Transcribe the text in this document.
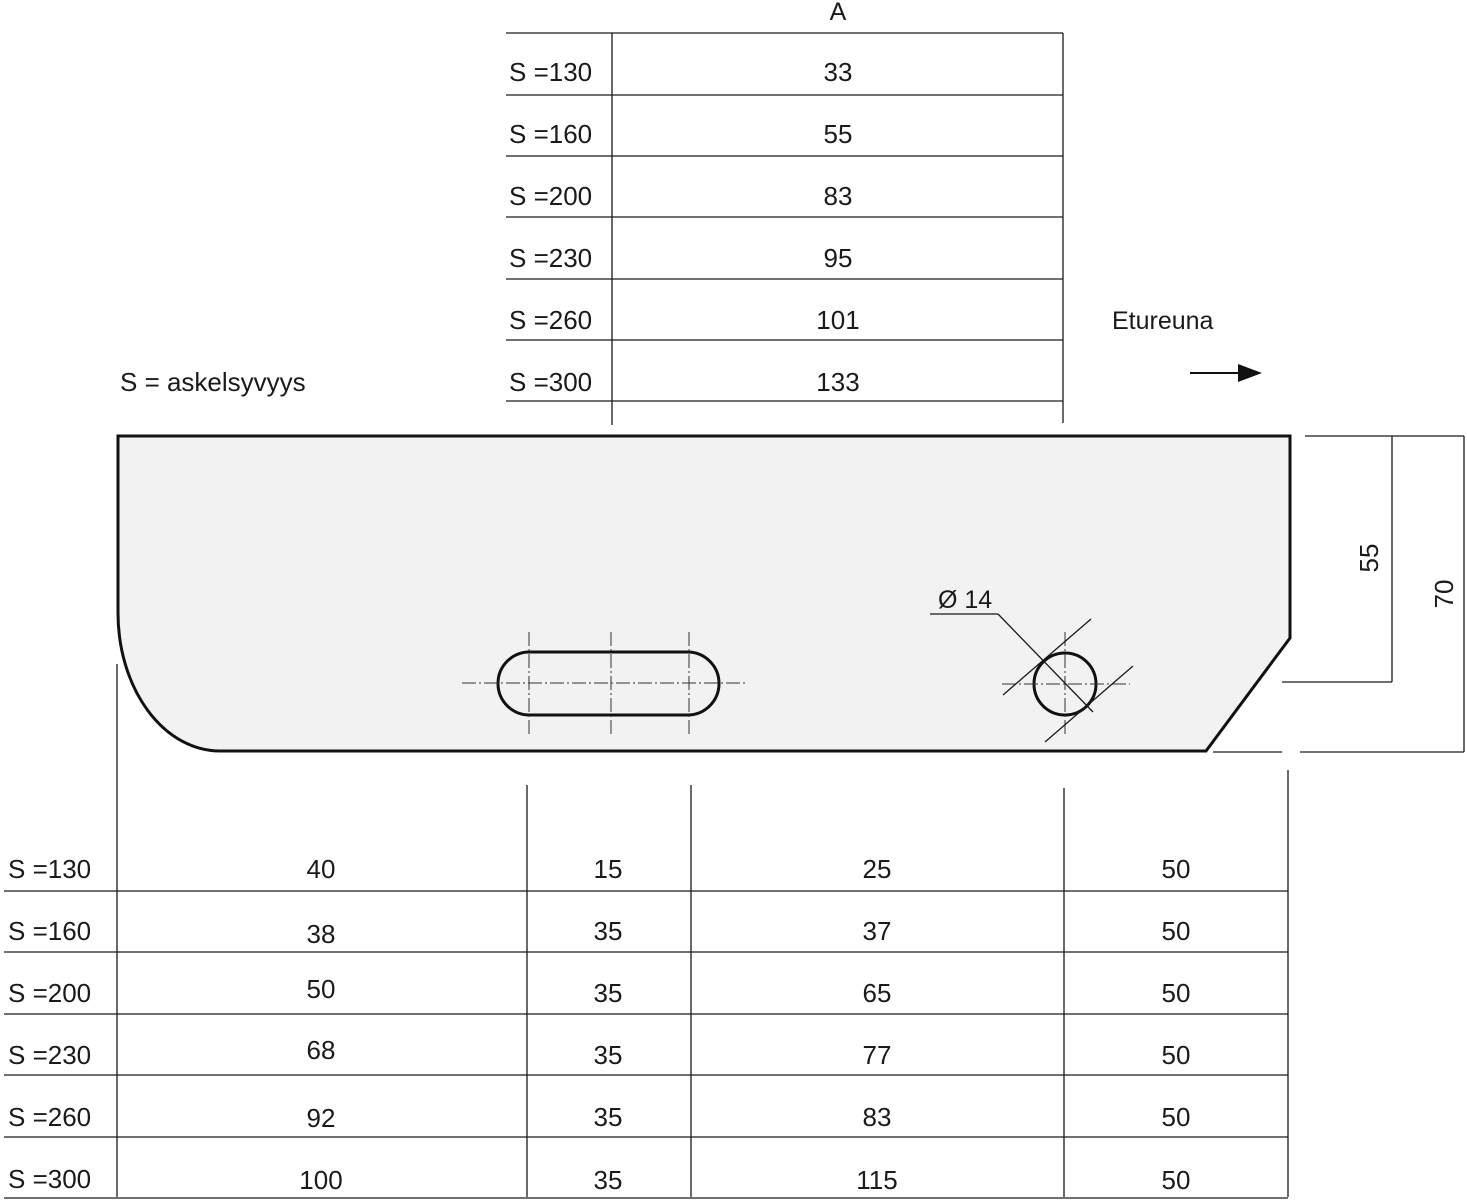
A
S =130	33
S =160	55
S =200	83
S =230	95
S =260	101
S =300	133
S = askelsyvyys
Etureuna
Ø 14
55
70
S =130	40	15	25	50
S =160	38	35	37	50
S =200	50	35	65	50
S =230	68	35	77	50
S =260	92	35	83	50
S =300	100	35	115	50
